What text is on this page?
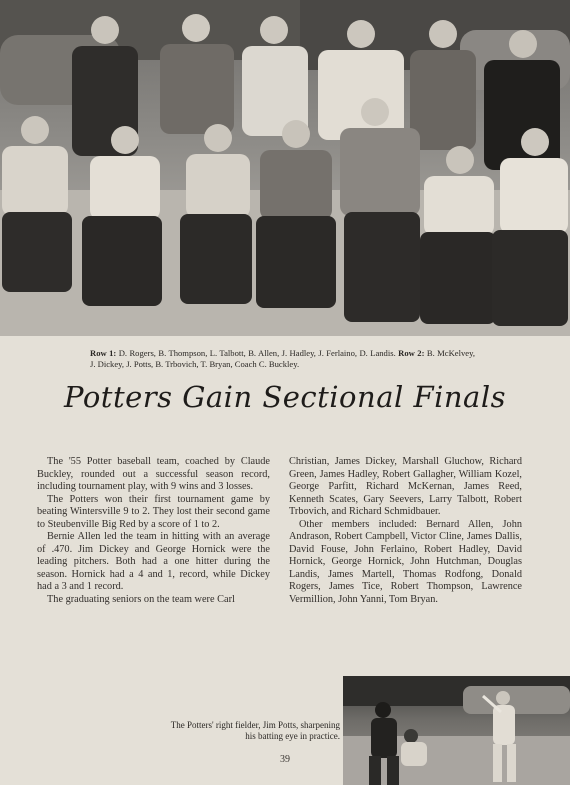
Row 1: D. Rogers, B. Thompson, L. Talbott, B. Allen, J. Hadley, J. Ferlaino, D. Landis. Row 2: B. McKelvey, J. Dickey, J. Potts, B. Trbovich, T. Bryan, Coach C. Buckley.
Potters Gain Sectional Finals

The '55 Potter baseball team, coached by Claude Buckley, rounded out a successful season record, including tournament play, with 9 wins and 3 losses.

The Potters won their first tournament game by beating Wintersville 9 to 2. They lost their second game to Steubenville Big Red by a score of 1 to 2.

Bernie Allen led the team in hitting with an average of .470. Jim Dickey and George Hornick were the leading pitchers. Both had a one hitter during the season. Hornick had a 4 and 1, record, while Dickey had a 3 and 1 record.

The graduating seniors on the team were Carl

Christian, James Dickey, Marshall Gluchow, Richard Green, James Hadley, Robert Gallagher, William Kozel, George Parfitt, Richard McKernan, James Reed, Kenneth Scates, Gary Seevers, Larry Talbott, Robert Trbovich, and Richard Schmidbauer.

Other members included: Bernard Allen, John Andrason, Robert Campbell, Victor Cline, James Dallis, David Fouse, John Ferlaino, Robert Hadley, David Hornick, George Hornick, John Hutchman, Douglas Landis, James Martell, Thomas Rodfong, Donald Rogers, James Tice, Robert Thompson, Lawrence Vermillion, John Yanni, Tom Bryan.

The Potters' right fielder, Jim Potts, sharpening his batting eye in practice.
39
